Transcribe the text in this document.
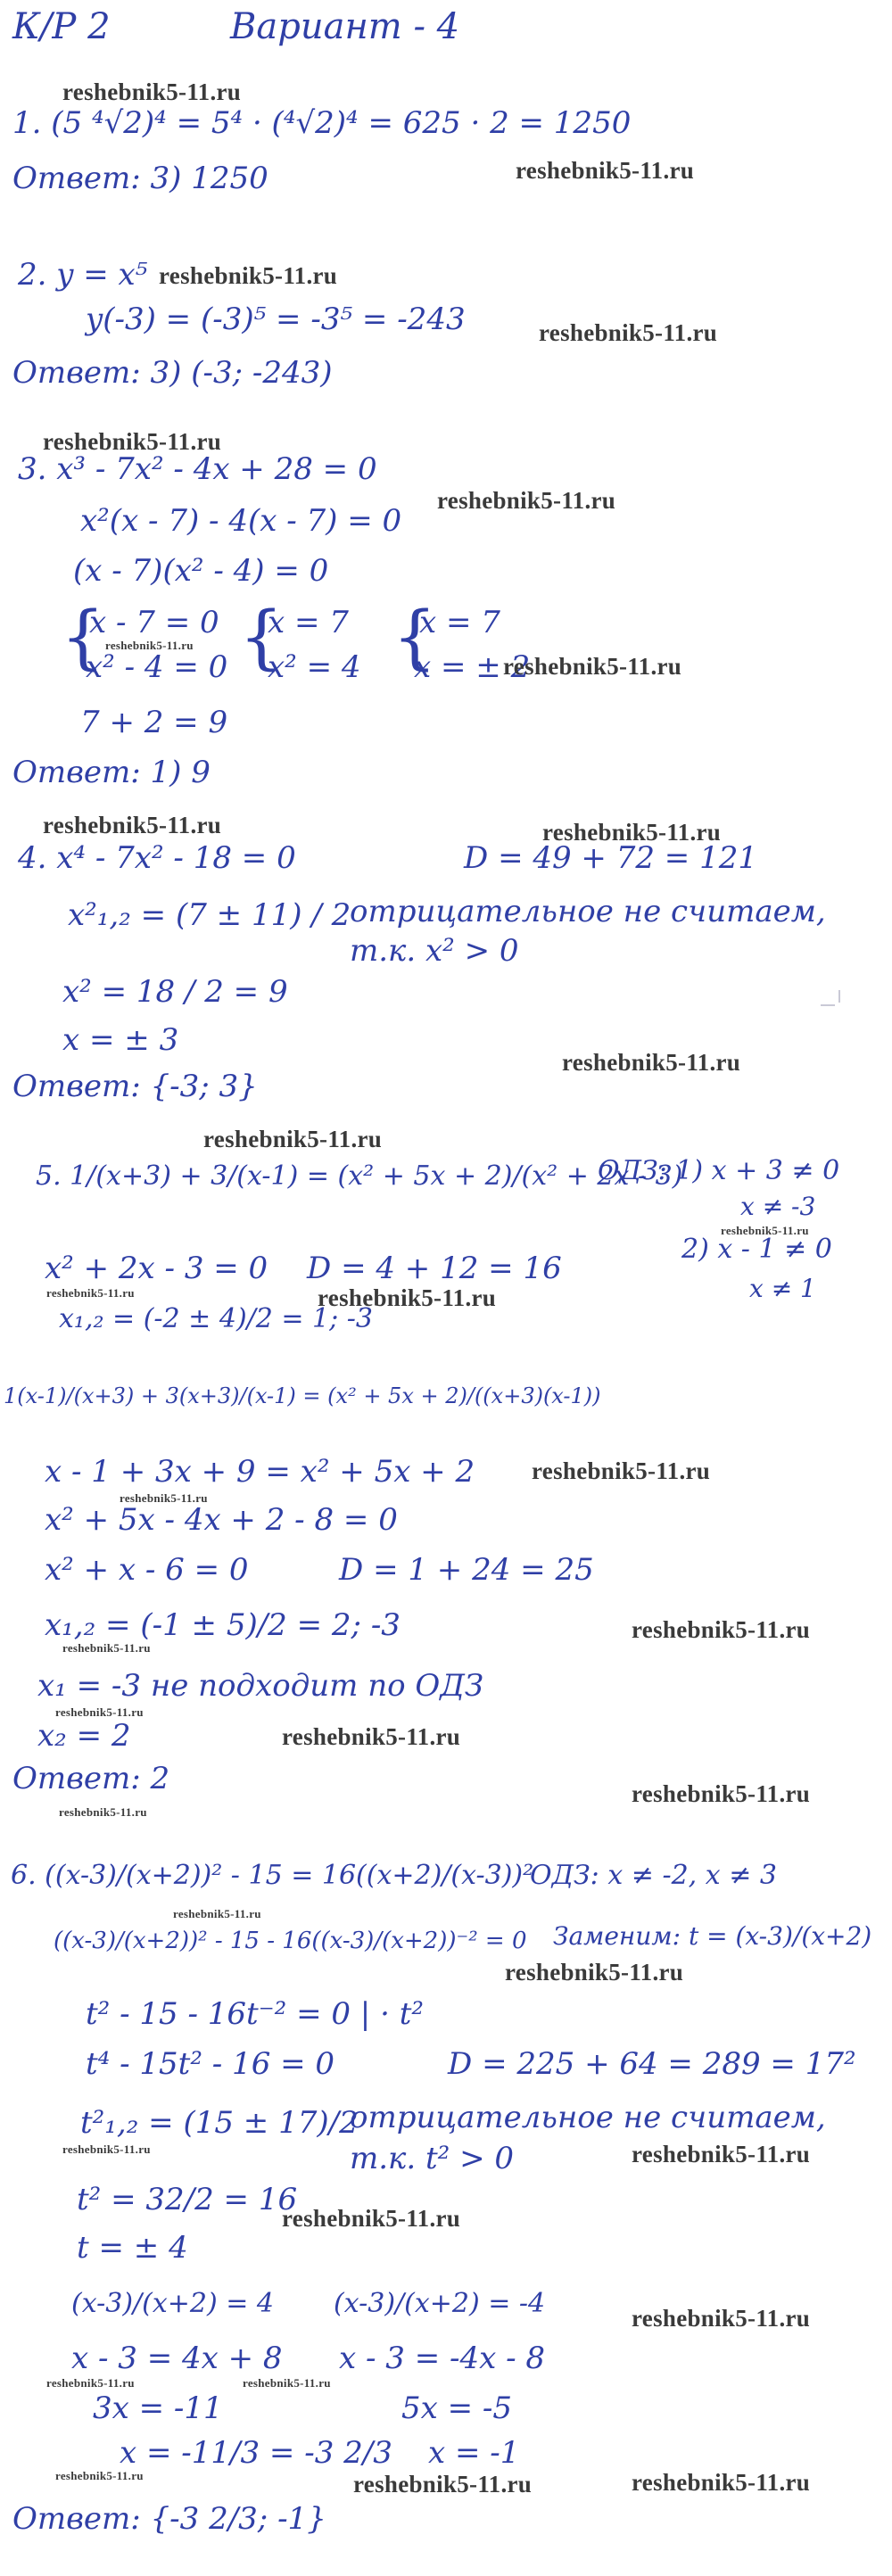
К/Р 2	Вариант - 4
reshebnik5-11.ru
1. (5 ⁴√2)⁴ = 5⁴ · (⁴√2)⁴ = 625 · 2 = 1250
Ответ: 3) 1250	reshebnik5-11.ru
2. y = x⁵ reshebnik5-11.ru
y(-3) = (-3)⁵ = -3⁵ = -243	reshebnik5-11.ru
Ответ: 3) (-3; -243)
reshebnik5-11.ru
3. x³ - 7x² - 4x + 28 = 0
reshebnik5-11.ru
x²(x - 7) - 4(x - 7) = 0
(x - 7)(x² - 4) = 0
{
x - 7 = 0
reshebnik5-11.ru
x² - 4 = 0 {
x = 7
x² = 4 {
x = 7
x = ± 2
reshebnik5-11.ru
7 + 2 = 9
Ответ: 1) 9
reshebnik5-11.ru	reshebnik5-11.ru
4. x⁴ - 7x² - 18 = 0	D = 49 + 72 = 121
x²₁,₂ = (7 ± 11) / 2
отрицательное не считаем,
т.к. x² > 0
x² = 18 / 2 = 9
x = ± 3
reshebnik5-11.ru
Ответ: {-3; 3}
reshebnik5-11.ru
5. 1/(x+3) + 3/(x-1) = (x² + 5x + 2)/(x² + 2x - 3)
ОДЗ: 1) x + 3 ≠ 0
x ≠ -3
reshebnik5-11.ru
2) x - 1 ≠ 0
x ≠ 1
x² + 2x - 3 = 0 D = 4 + 12 = 16
reshebnik5-11.ru	reshebnik5-11.ru
x₁,₂ = (-2 ± 4)/2 = 1; -3
1(x-1)/(x+3) + 3(x+3)/(x-1) = (x² + 5x + 2)/((x+3)(x-1))
x - 1 + 3x + 9 = x² + 5x + 2 reshebnik5-11.ru
reshebnik5-11.ru
x² + 5x - 4x + 2 - 8 = 0
x² + x - 6 = 0	D = 1 + 24 = 25
x₁,₂ = (-1 ± 5)/2 = 2; -3
reshebnik5-11.ru
reshebnik5-11.ru
x₁ = -3 не подходит по ОДЗ
reshebnik5-11.ru
x₂ = 2	reshebnik5-11.ru
Ответ: 2
reshebnik5-11.ru
reshebnik5-11.ru
6. ((x-3)/(x+2))² - 15 = 16((x+2)/(x-3))²
ОДЗ: x ≠ -2, x ≠ 3
reshebnik5-11.ru
((x-3)/(x+2))² - 15 - 16((x-3)/(x+2))⁻² = 0 Заменим: t = (x-3)/(x+2)
reshebnik5-11.ru
t² - 15 - 16t⁻² = 0 | · t²
t⁴ - 15t² - 16 = 0	D = 225 + 64 = 289 = 17²
t²₁,₂ = (15 ± 17)/2
reshebnik5-11.ru
отрицательное не считаем,
т.к. t² > 0	reshebnik5-11.ru
t² = 32/2 = 16
reshebnik5-11.ru
t = ± 4
(x-3)/(x+2) = 4 (x-3)/(x+2) = -4	reshebnik5-11.ru
x - 3 = 4x + 8 x - 3 = -4x - 8
reshebnik5-11.ru	reshebnik5-11.ru
3x = -11	5x = -5
x = -11/3 = -3 2/3 x = -1
reshebnik5-11.ru	reshebnik5-11.ru	reshebnik5-11.ru
Ответ: {-3 2/3; -1}
